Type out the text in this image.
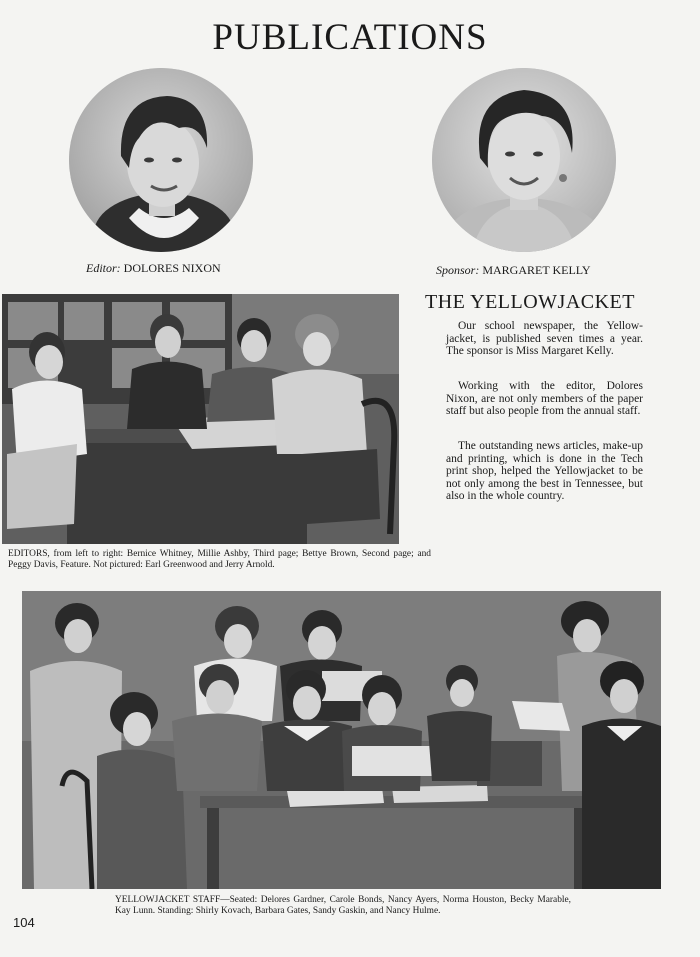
PUBLICATIONS
Editor: DOLORES NIXON	Sponsor: MARGARET KELLY
THE YELLOWJACKET

Our school newspaper, the Yellowjacket, is published seven times a year. The sponsor is Miss Margaret Kelly.

Working with the editor, Dolores Nixon, are not only members of the paper staff but also people from the annual staff.

The outstanding news articles, make-up and printing, which is done in the Tech print shop, helped the Yellowjacket to be not only among the best in Tennessee, but also in the whole country.

EDITORS, from left to right: Bernice Whitney, Millie Ashby, Third page; Bettye Brown, Second page; and Peggy Davis, Feature. Not pictured: Earl Greenwood and Jerry Arnold.

YELLOWJACKET STAFF—Seated: Delores Gardner, Carole Bonds, Nancy Ayers, Norma Houston, Becky Marable, Kay Lunn. Standing: Shirly Kovach, Barbara Gates, Sandy Gaskin, and Nancy Hulme.

104
